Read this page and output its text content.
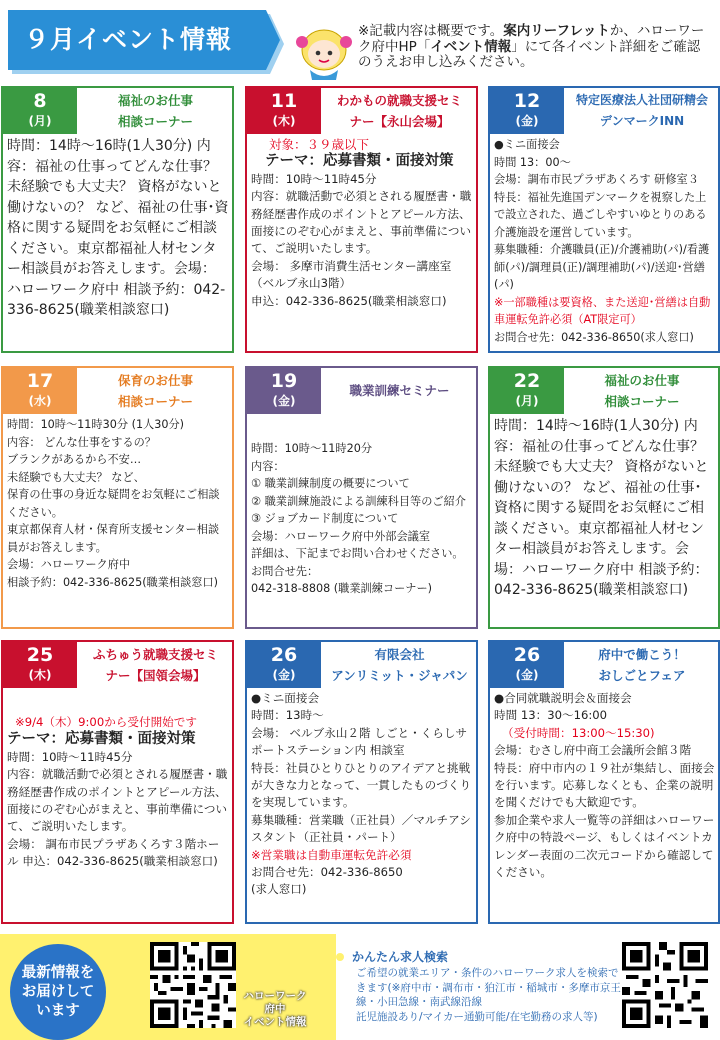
９月イベント情報	※記載内容は概要です。案内リーフレットか、ハローワーク府中HP「イベント情報」にて各イベント詳細をご確認のうえお申し込みください。
8
(月)
福祉のお仕事
相談コーナー
時間：14時～16時(1人30分) 内容：福祉の仕事ってどんな仕事？未経験でも大丈夫？ 資格がないと働けないの？ など、福祉の仕事･資格に関する疑問をお気軽にご相談ください。東京都福祉人材センター相談員がお答えします。会場：ハローワーク府中 相談予約：042-336-8625(職業相談窓口)
11
(木)
わかもの就職支援セミ
ナー【永山会場】
対象：３９歳以下
テーマ：応募書類・面接対策
時間：10時～11時45分
内容：就職活動で必須とされる履歴書・職務経歴書作成のポイントとアピール方法、面接にのぞむ心がまえと、事前準備について、ご説明いたします。
会場： 多摩市消費生活センター講座室（ベルブ永山3階）
申込：042-336-8625(職業相談窓口)
12
(金)
特定医療法人社団研精会
デンマークINN
●ミニ面接会
時間 13：00～
会場：調布市民プラザあくろす 研修室３
特長：福祉先進国デンマークを視察した上で設立された、過ごしやすいゆとりのある介護施設を運営しています。
募集職種：介護職員(正)/介護補助(パ)/看護師(パ)/調理員(正)/調理補助(パ)/送迎･営繕(パ)
※一部職種は要資格、また送迎･営繕は自動車運転免許必須（AT限定可）
お問合せ先：042-336-8650(求人窓口)
17
(水)
保育のお仕事
相談コーナー
時間：10時～11時30分 (1人30分)
内容： どんな仕事をするの？
ブランクがあるから不安…
未経験でも大丈夫？ など、
保育の仕事の身近な疑問をお気軽にご相談ください。
東京都保育人材・保育所支援センター相談員がお答えします。
会場：ハローワーク府中
相談予約：042-336-8625(職業相談窓口)
19
(金)
職業訓練セミナー
時間：10時～11時20分
内容：
① 職業訓練制度の概要について
② 職業訓練施設による訓練科目等のご紹介
③ ジョブカード制度について
会場：ハローワーク府中外部会議室
詳細は、下記までお問い合わせください。
お問合せ先：
042-318-8808 (職業訓練コーナー)
22
(月)
福祉のお仕事
相談コーナー
時間：14時～16時(1人30分) 内容：福祉の仕事ってどんな仕事？未経験でも大丈夫？ 資格がないと働けないの？ など、福祉の仕事･資格に関する疑問をお気軽にご相談ください。東京都福祉人材センター相談員がお答えします。会場：ハローワーク府中 相談予約：042-336-8625(職業相談窓口)
25
(木)
ふちゅう就職支援セミ
ナー【国領会場】
※9/4（木）9:00から受付開始です
テーマ：応募書類・面接対策
時間：10時～11時45分
内容：就職活動で必須とされる履歴書・職務経歴書作成のポイントとアピール方法、面接にのぞむ心がまえと、事前準備について、ご説明いたします。
会場： 調布市民プラザあくろす３階ホール 申込：042-336-8625(職業相談窓口)
26
(金)
有限会社
アンリミット・ジャパン
●ミニ面接会
時間：13時～
会場： ベルブ永山２階 しごと・くらしサポートステーション内 相談室
特長：社員ひとりひとりのアイデアと挑戦が大きな力となって、一貫したものづくりを実現しています。
募集職種：営業職（正社員）／マルチアシスタント（正社員・パート）
※営業職は自動車運転免許必須
お問合せ先：042-336-8650
(求人窓口)
26
(金)
府中で働こう！
おしごとフェア
●合同就職説明会＆面接会
時間 13：30～16:00
（受付時間：13:00～15:30)
会場：むさし府中商工会議所会館３階
特長：府中市内の１９社が集結し、面接会を行います。応募しなくとも、企業の説明を聞くだけでも大歓迎です。
参加企業や求人一覧等の詳細はハローワーク府中の特設ページ、もしくはイベントカレンダー表面の二次元コードから確認してください。
最新情報を
お届けして
います
ハローワーク
府中
イベント情報
かんたん求人検索
ご希望の就業エリア・条件のハローワーク求人を検索できます(※府中市・調布市・狛江市・稲城市・多摩市京王線・小田急線・南武線沿線
託児施設あり/マイカー通勤可能/在宅勤務の求人等)
